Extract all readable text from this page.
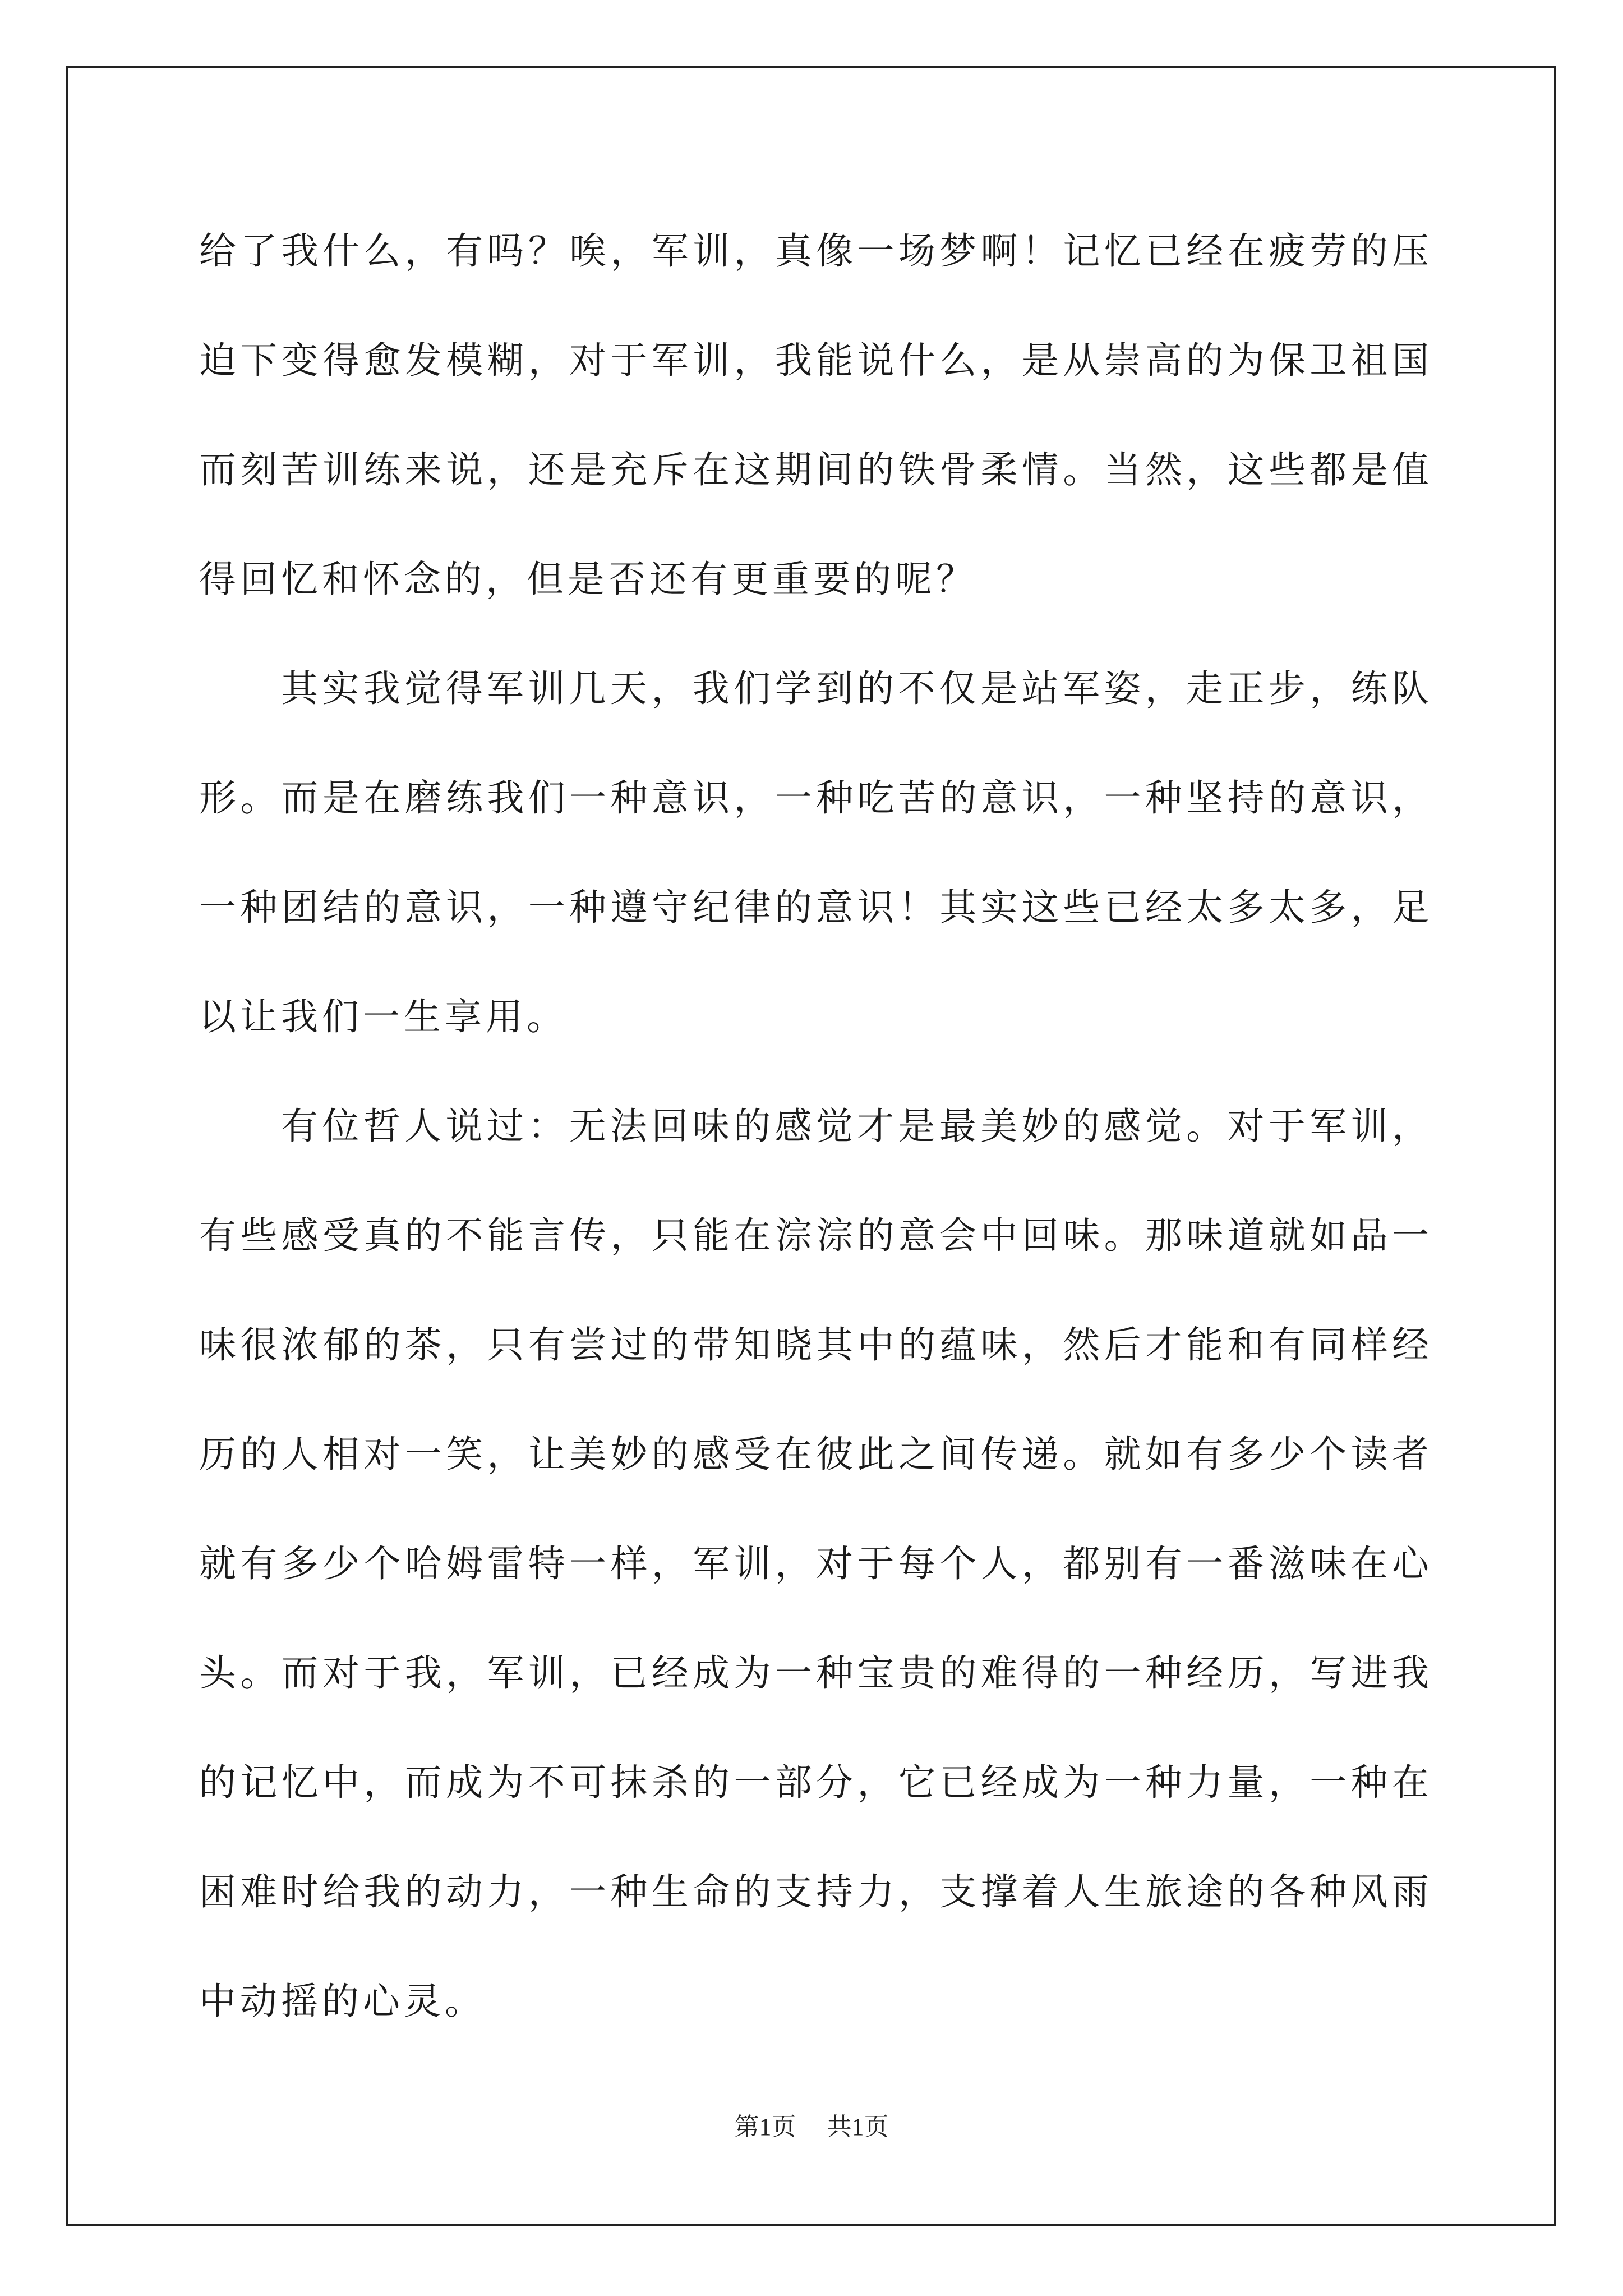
给了我什么，有吗？唉，军训，真像一场梦啊！记忆已经在疲劳的压迫下变得愈发模糊，对于军训，我能说什么，是从崇高的为保卫祖国而刻苦训练来说，还是充斥在这期间的铁骨柔情。当然，这些都是值得回忆和怀念的，但是否还有更重要的呢？

其实我觉得军训几天，我们学到的不仅是站军姿，走正步，练队形。而是在磨练我们一种意识，一种吃苦的意识，一种坚持的意识，一种团结的意识，一种遵守纪律的意识！其实这些已经太多太多，足以让我们一生享用。

有位哲人说过：无法回味的感觉才是最美妙的感觉。对于军训，有些感受真的不能言传，只能在淙淙的意会中回味。那味道就如品一味很浓郁的茶，只有尝过的带知晓其中的蕴味，然后才能和有同样经历的人相对一笑，让美妙的感受在彼此之间传递。就如有多少个读者就有多少个哈姆雷特一样，军训，对于每个人，都别有一番滋味在心头。而对于我，军训，已经成为一种宝贵的难得的一种经历，写进我的记忆中，而成为不可抹杀的一部分，它已经成为一种力量，一种在困难时给我的动力，一种生命的支持力，支撑着人生旅途的各种风雨中动摇的心灵。

第1页 共1页
